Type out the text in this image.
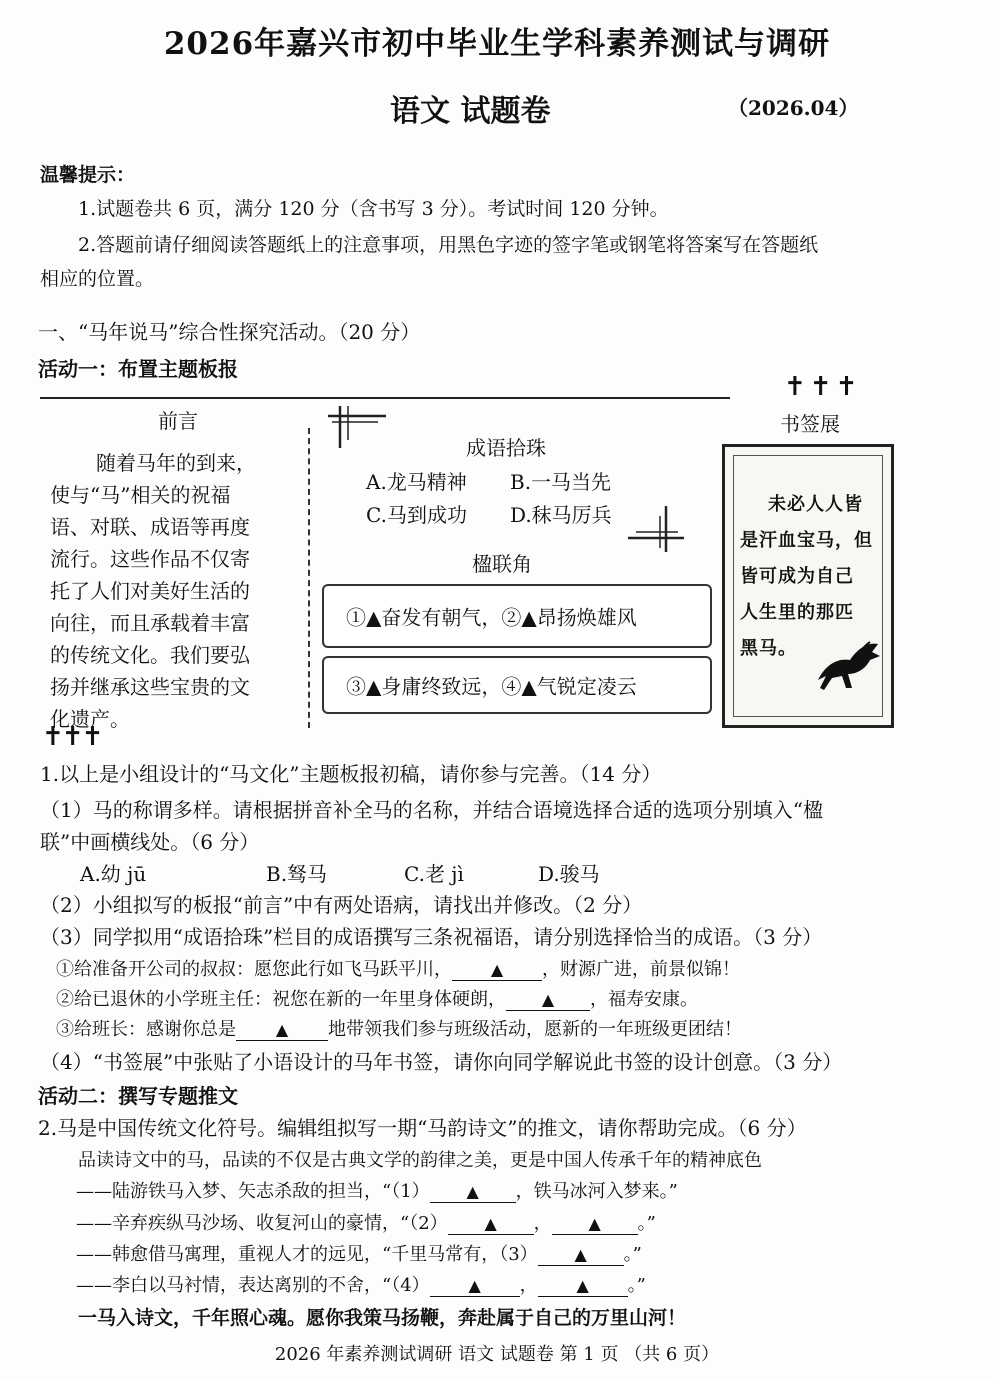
2026年嘉兴市初中毕业生学科素养测试与调研
语文 试题卷	（2026.04）
温馨提示：
1.试题卷共 6 页，满分 120 分（含书写 3 分）。考试时间 120 分钟。
2.答题前请仔细阅读答题纸上的注意事项，用黑色字迹的签字笔或钢笔将答案写在答题纸
相应的位置。
一、“马年说马”综合性探究活动。（20 分）
活动一：布置主题板报
前言
随着马年的到来，
使与“马”相关的祝福
语、对联、成语等再度
流行。这些作品不仅寄
托了人们对美好生活的
向往，而且承载着丰富
的传统文化。我们要弘
扬并继承这些宝贵的文
化遗产。
✝✝✝
成语拾珠
A.龙马精神 B.一马当先
C.马到成功 D.秣马厉兵
楹联角
①▲奋发有朝气，②▲昂扬焕雄风
③▲身庸终致远，④▲气锐定凌云
✝✝✝
书签展
未必人人皆
是汗血宝马，但
皆可成为自己
人生里的那匹
黑马。
1.以上是小组设计的“马文化”主题板报初稿，请你参与完善。（14 分）
（1）马的称谓多样。请根据拼音补全马的名称，并结合语境选择合适的选项分别填入“楹
联”中画横线处。（6 分）
A.幼 jū	B.驽马	C.老 jì	D.骏马
（2）小组拟写的板报“前言”中有两处语病，请找出并修改。（2 分）
（3）同学拟用“成语拾珠”栏目的成语撰写三条祝福语，请分别选择恰当的成语。（3 分）
①给准备开公司的叔叔：愿您此行如飞马跃平川， ▲ ，财源广进，前景似锦！
②给已退休的小学班主任：祝您在新的一年里身体硬朗， ▲ ，福寿安康。
③给班长：感谢你总是 ▲ 地带领我们参与班级活动，愿新的一年班级更团结！
（4）“书签展”中张贴了小语设计的马年书签，请你向同学解说此书签的设计创意。（3 分）
活动二：撰写专题推文
2.马是中国传统文化符号。编辑组拟写一期“马韵诗文”的推文，请你帮助完成。（6 分）
品读诗文中的马，品读的不仅是古典文学的韵律之美，更是中国人传承千年的精神底色
——陆游铁马入梦、矢志杀敌的担当，“（1） ▲ ，铁马冰河入梦来。”
——辛弃疾纵马沙场、收复河山的豪情，“（2） ▲ ， ▲ 。”
——韩愈借马寓理，重视人才的远见，“千里马常有，（3） ▲ 。”
——李白以马衬情，表达离别的不舍，“（4） ▲ ， ▲ 。”
一马入诗文，千年照心魂。愿你我策马扬鞭，奔赴属于自己的万里山河！
2026 年素养测试调研 语文 试题卷 第 1 页 （共 6 页）
